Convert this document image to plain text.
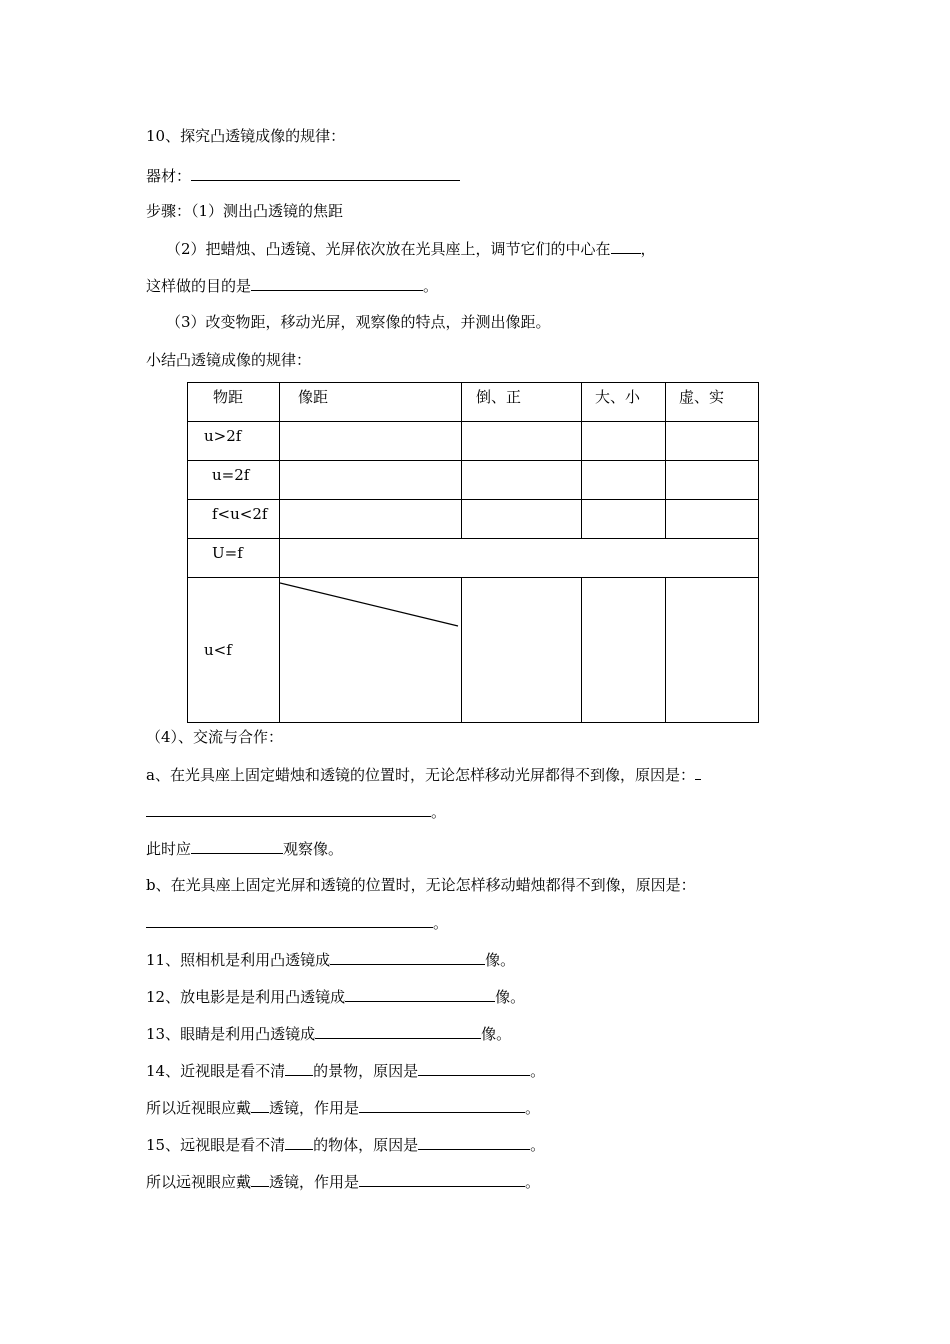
10、探究凸透镜成像的规律：
器材：
步骤：（1）测出凸透镜的焦距
（2）把蜡烛、凸透镜、光屏依次放在光具座上，调节它们的中心在 ，
这样做的目的是	。
（3）改变物距，移动光屏，观察像的特点，并测出像距。
小结凸透镜成像的规律：
物距	像距	倒、正	大、小	虚、实

u>2f				

u=2f				

f<u<2f				

U=f				

u<f

（4）、交流与合作：
a、在光具座上固定蜡烛和透镜的位置时，无论怎样移动光屏都得不到像，原因是：
。
此时应	观察像。
b、在光具座上固定光屏和透镜的位置时，无论怎样移动蜡烛都得不到像，原因是：
。
11、照相机是利用凸透镜成	像。
12、放电影是是利用凸透镜成	像。
13、眼睛是利用凸透镜成	像。
14、近视眼是看不清 的景物，原因是	。
所以近视眼应戴 透镜，作用是	。
15、远视眼是看不清 的物体，原因是	。
所以远视眼应戴 透镜，作用是	。
